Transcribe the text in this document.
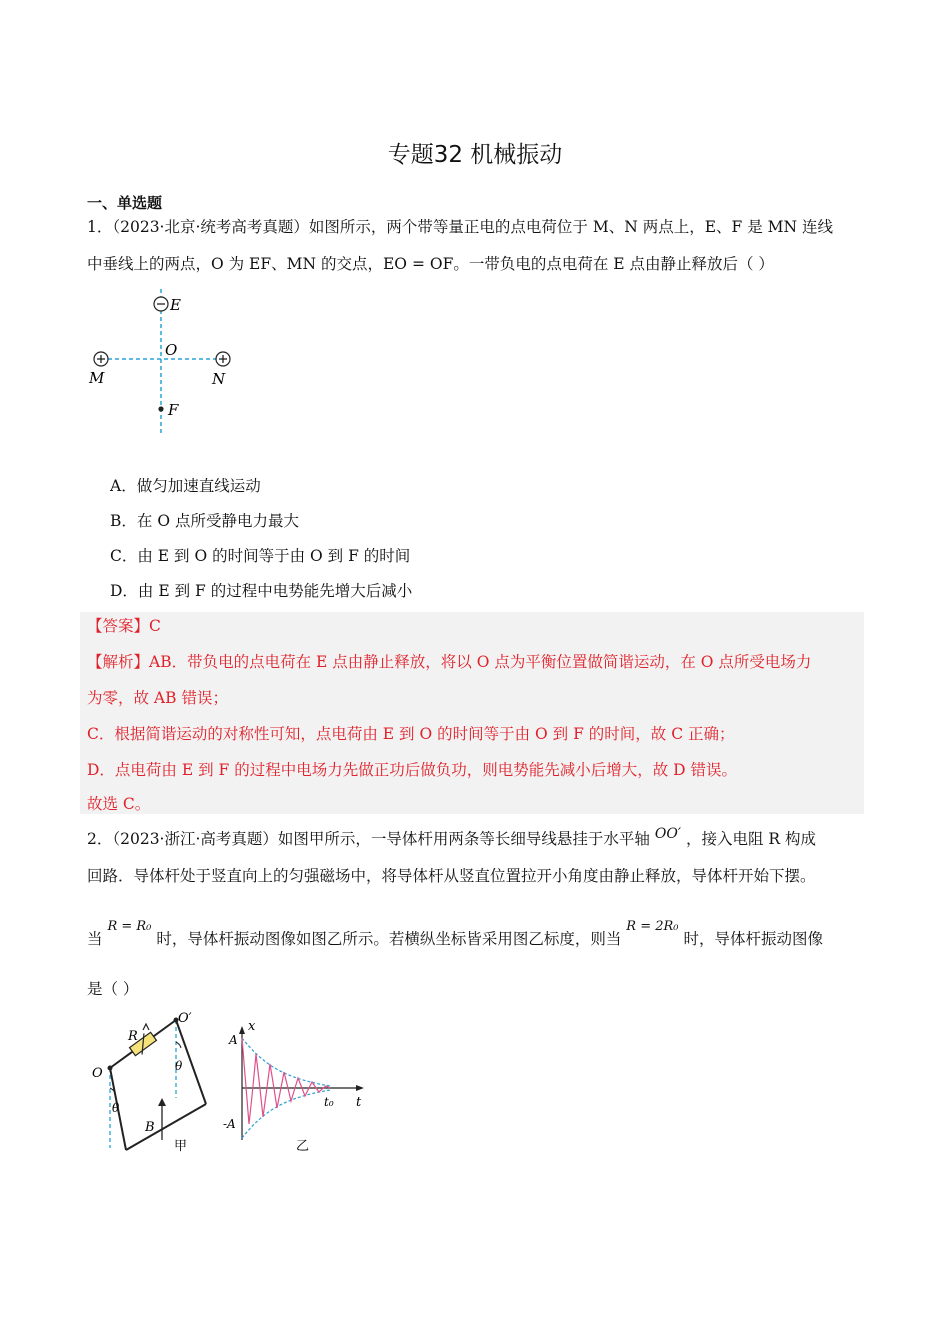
专题32 机械振动
一、单选题
1．（2023·北京·统考高考真题）如图所示，两个带等量正电的点电荷位于 M、N 两点上，E、F 是 MN 连线
中垂线上的两点，O 为 EF、MN 的交点，EO = OF。一带负电的点电荷在 E 点由静止释放后（ ）
E
O
M	N
F
A．做匀加速直线运动
B．在 O 点所受静电力最大
C．由 E 到 O 的时间等于由 O 到 F 的时间
D．由 E 到 F 的过程中电势能先增大后减小
【答案】C
【解析】AB．带负电的点电荷在 E 点由静止释放，将以 O 点为平衡位置做简谐运动，在 O 点所受电场力
为零，故 AB 错误；
C．根据简谐运动的对称性可知，点电荷由 E 到 O 的时间等于由 O 到 F 的时间，故 C 正确；
D．点电荷由 E 到 F 的过程中电场力先做正功后做负功，则电势能先减小后增大，故 D 错误。
故选 C。
2．（2023·浙江·高考真题）如图甲所示，一导体杆用两条等长细导线悬挂于水平轴 OO′ ，接入电阻 R 构成
回路．导体杆处于竖直向上的匀强磁场中，将导体杆从竖直位置拉开小角度由静止释放，导体杆开始下摆。
当 $^{R = R_0}$ 时，导体杆振动图像如图乙所示。若横纵坐标皆采用图乙标度，则当 $^{R = 2R_0}$ 时，导体杆振动图像
是（ ）
R
O
O′
θ
θ
B
甲
x
A
-A
t₀ t
乙
